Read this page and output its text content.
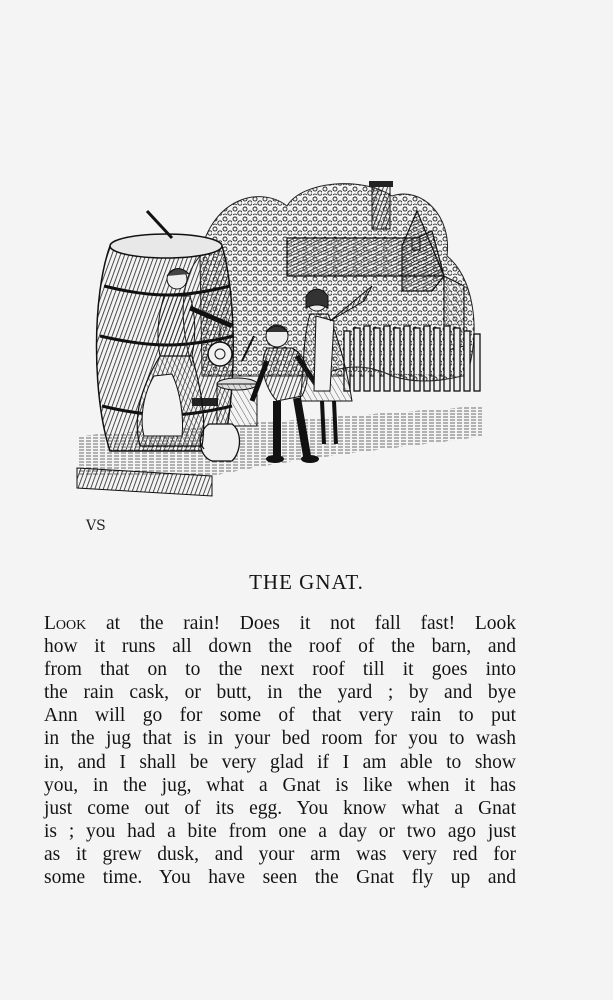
VS
THE GNAT.
Look at the rain! Does it not fall fast! Look
how it runs all down the roof of the barn, and
from that on to the next roof till it goes into
the rain cask, or butt, in the yard ; by and bye
Ann will go for some of that very rain to put
in the jug that is in your bed room for you to wash
in, and I shall be very glad if I am able to show
you, in the jug, what a Gnat is like when it has
just come out of its egg. You know what a Gnat
is ; you had a bite from one a day or two ago just
as it grew dusk, and your arm was very red for
some time. You have seen the Gnat fly up and
